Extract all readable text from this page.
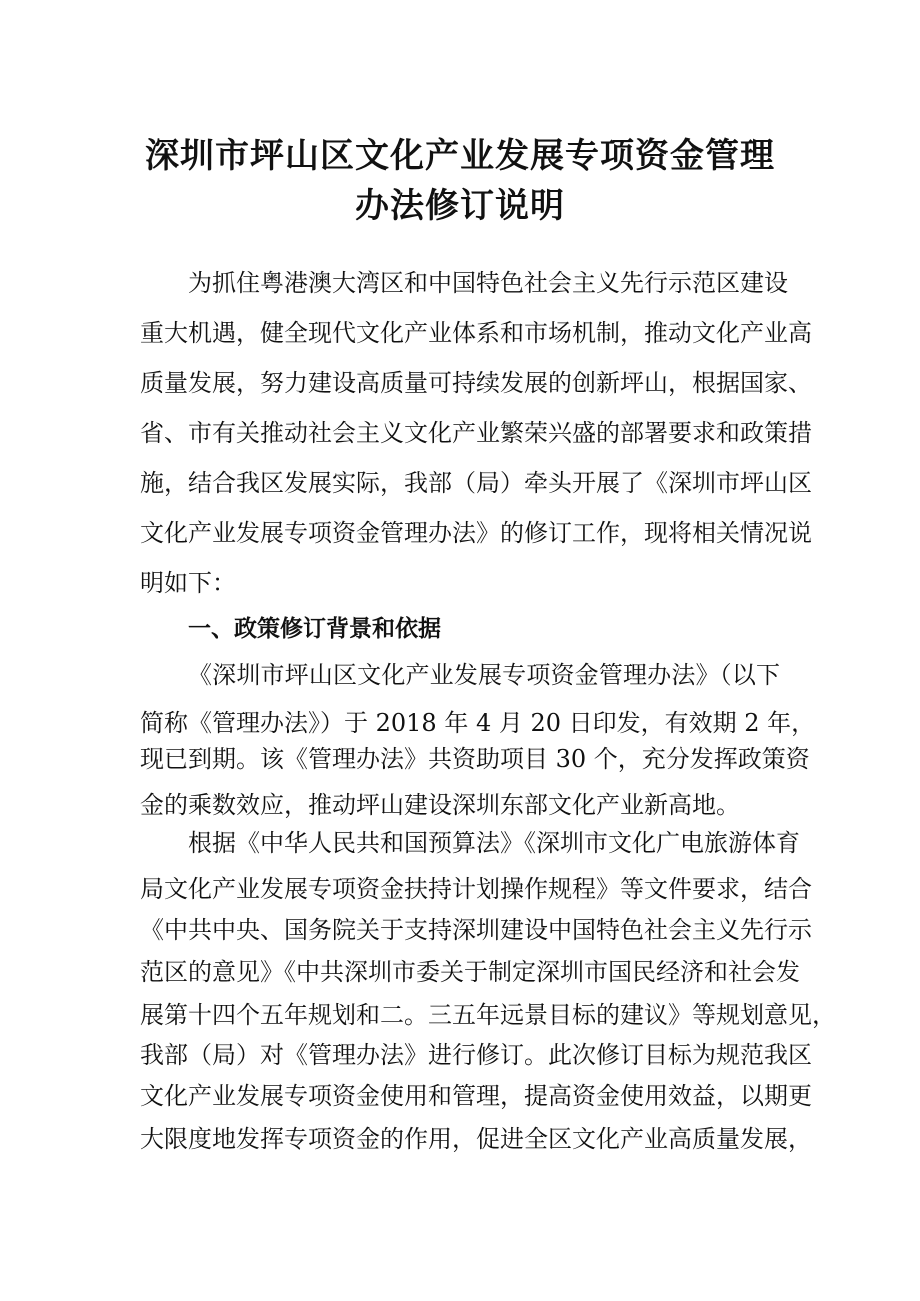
深圳市坪山区文化产业发展专项资金管理
办法修订说明
为抓住粤港澳大湾区和中国特色社会主义先行示范区建设
重大机遇，健全现代文化产业体系和市场机制，推动文化产业高
质量发展，努力建设高质量可持续发展的创新坪山，根据国家、
省、市有关推动社会主义文化产业繁荣兴盛的部署要求和政策措
施，结合我区发展实际，我部（局）牵头开展了《深圳市坪山区
文化产业发展专项资金管理办法》的修订工作，现将相关情况说
明如下：
一、政策修订背景和依据
《深圳市坪山区文化产业发展专项资金管理办法》（以下
简称《管理办法》）于 2018 年 4 月 20 日印发，有效期 2 年，
现已到期。该《管理办法》共资助项目 30 个，充分发挥政策资
金的乘数效应，推动坪山建设深圳东部文化产业新高地。
根据《中华人民共和国预算法》《深圳市文化广电旅游体育
局文化产业发展专项资金扶持计划操作规程》等文件要求，结合
《中共中央、国务院关于支持深圳建设中国特色社会主义先行示
范区的意见》《中共深圳市委关于制定深圳市国民经济和社会发
展第十四个五年规划和二。三五年远景目标的建议》等规划意见，
我部（局）对《管理办法》进行修订。此次修订目标为规范我区
文化产业发展专项资金使用和管理，提高资金使用效益，以期更
大限度地发挥专项资金的作用，促进全区文化产业高质量发展，
